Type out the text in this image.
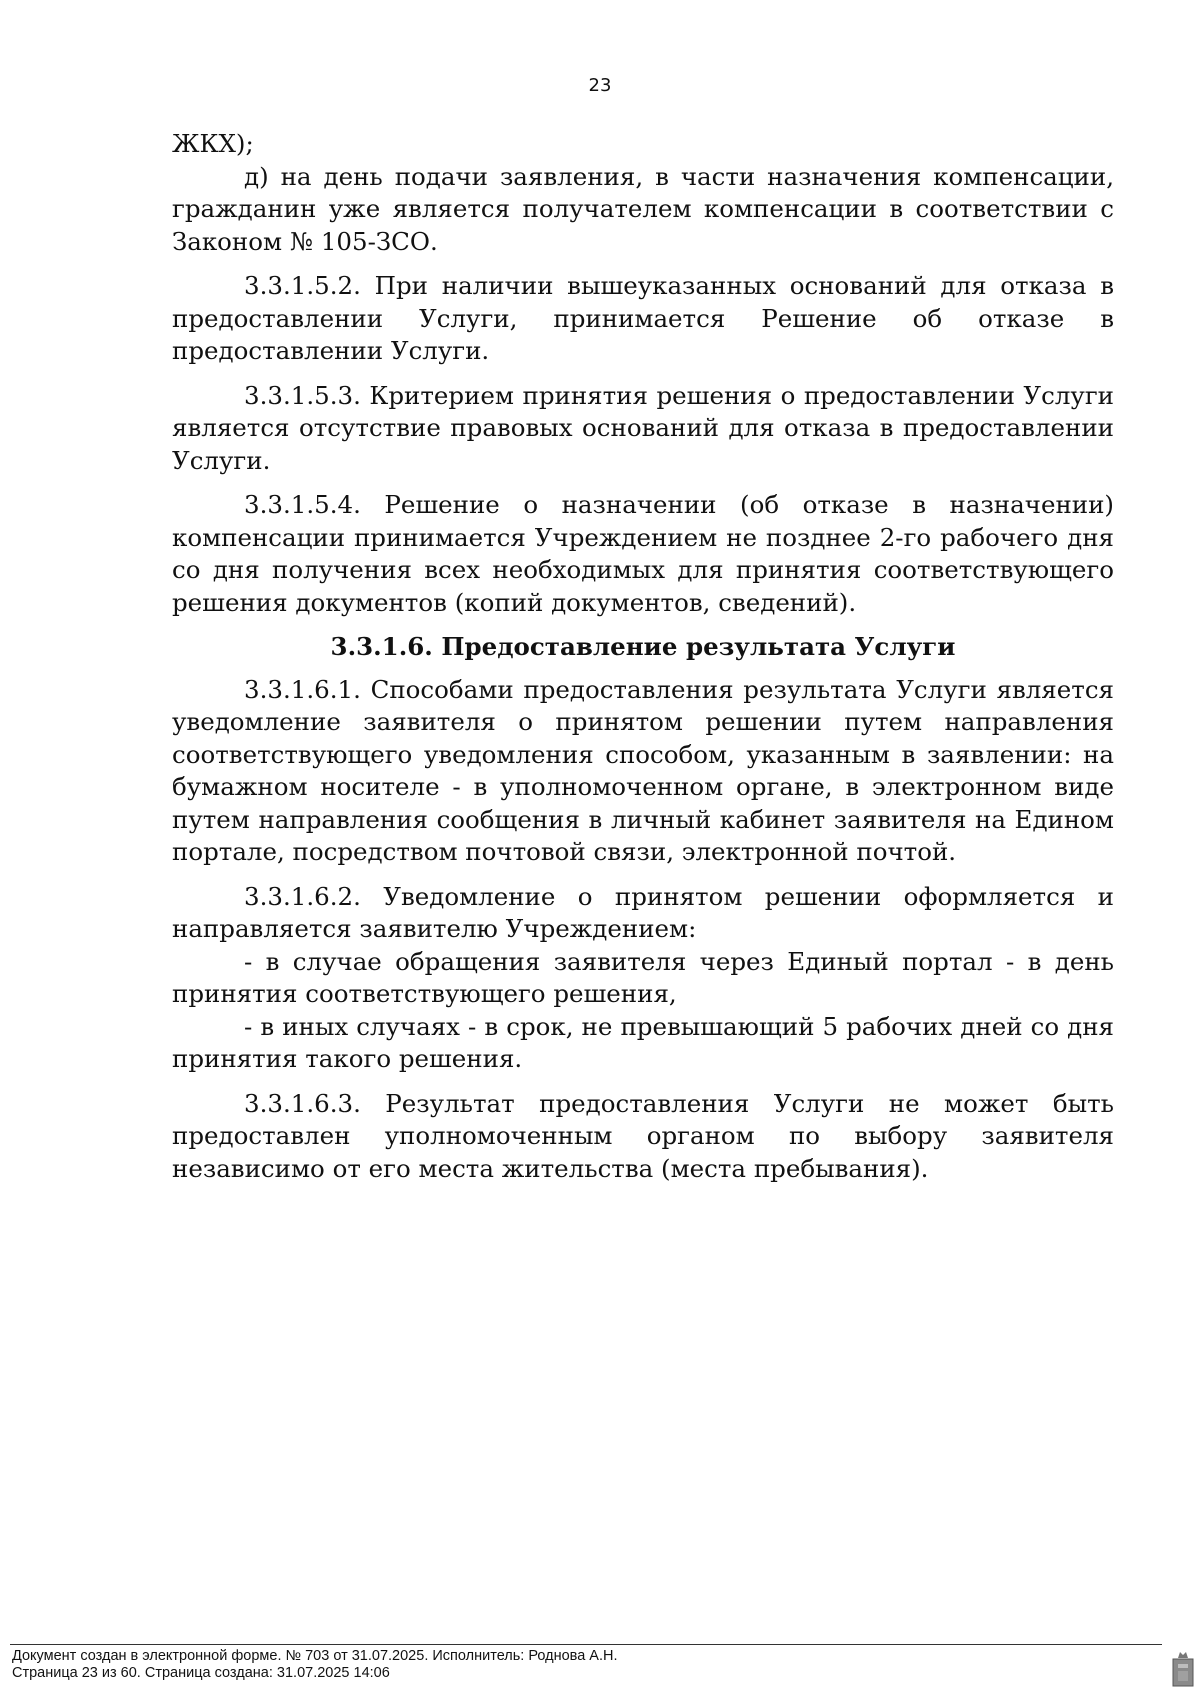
23

ЖКХ);

д) на день подачи заявления, в части назначения компенсации, гражданин уже является получателем компенсации в соответствии с Законом № 105-ЗСО.

3.3.1.5.2. При наличии вышеуказанных оснований для отказа в предоставлении Услуги, принимается Решение об отказе в предоставлении Услуги.

3.3.1.5.3. Критерием принятия решения о предоставлении Услуги является отсутствие правовых оснований для отказа в предоставлении Услуги.

3.3.1.5.4. Решение о назначении (об отказе в назначении) компенсации принимается Учреждением не позднее 2-го рабочего дня со дня получения всех необходимых для принятия соответствующего решения документов (копий документов, сведений).

3.3.1.6. Предоставление результата Услуги

3.3.1.6.1. Способами предоставления результата Услуги является уведомление заявителя о принятом решении путем направления соответствующего уведомления способом, указанным в заявлении: на бумажном носителе - в уполномоченном органе, в электронном виде путем направления сообщения в личный кабинет заявителя на Едином портале, посредством почтовой связи, электронной почтой.

3.3.1.6.2. Уведомление о принятом решении оформляется и направляется заявителю Учреждением:

- в случае обращения заявителя через Единый портал - в день принятия соответствующего решения,

- в иных случаях - в срок, не превышающий 5 рабочих дней со дня принятия такого решения.

3.3.1.6.3. Результат предоставления Услуги не может быть предоставлен уполномоченным органом по выбору заявителя независимо от его места жительства (места пребывания).

Документ создан в электронной форме. № 703 от 31.07.2025. Исполнитель: Роднова А.Н.
Страница 23 из 60. Страница создана: 31.07.2025 14:06
